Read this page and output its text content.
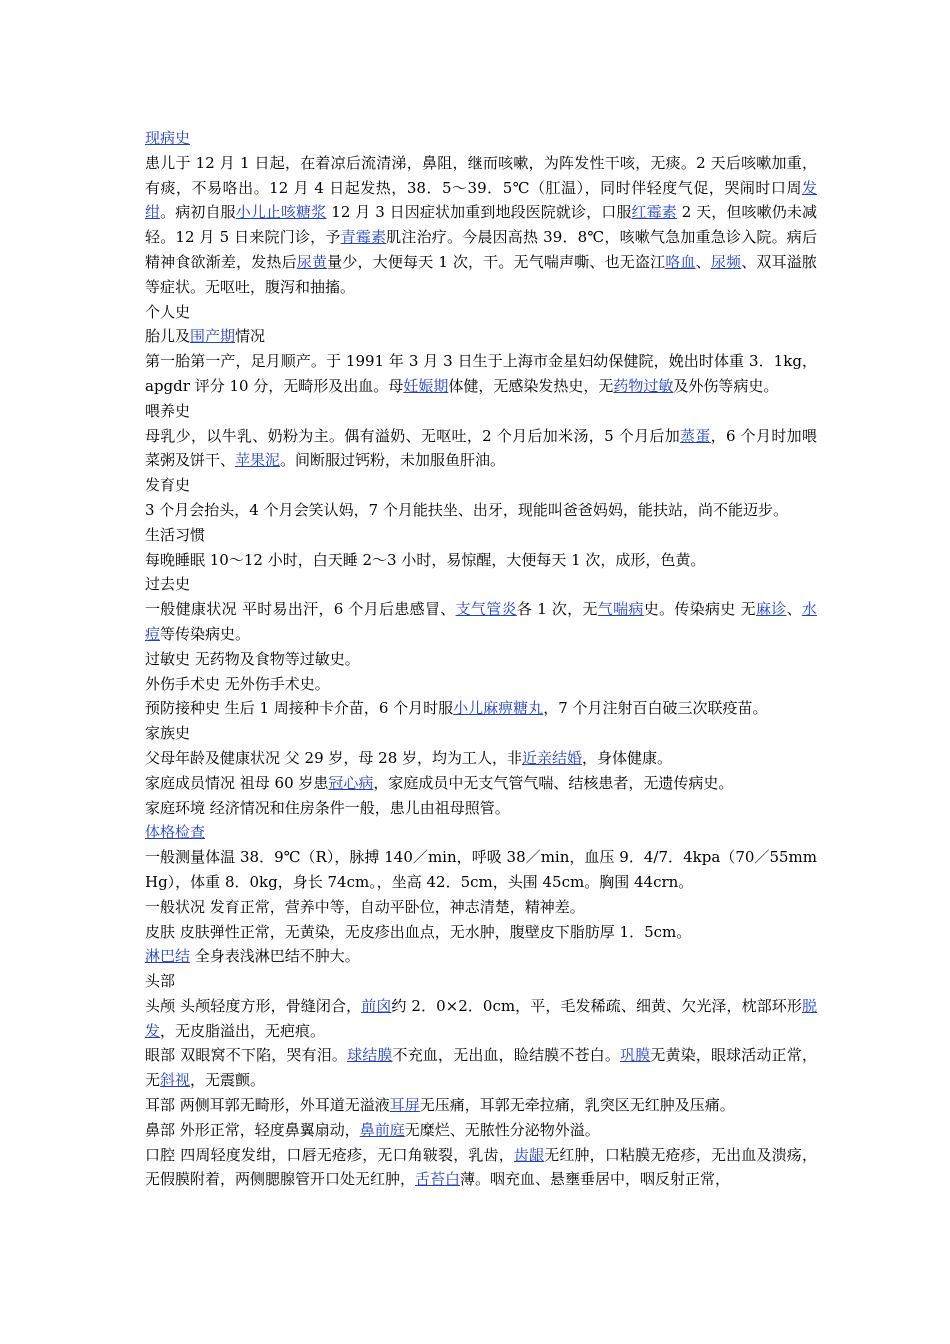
现病史

患儿于 12 月 1 日起，在着凉后流清涕，鼻阻，继而咳嗽，为阵发性干咳，无痰。2 天后咳嗽加重，有痰，不易咯出。12 月 4 日起发热，38．5～39．5℃（肛温），同时伴轻度气促，哭闹时口周发绀。病初自服小儿止咳糖浆 12 月 3 日因症状加重到地段医院就诊，口服红霉素 2 天，但咳嗽仍未减轻。12 月 5 日来院门诊，予青霉素肌注治疗。今晨因高热 39．8℃，咳嗽气急加重急诊入院。病后精神食欲渐差，发热后尿黄量少，大便每天 1 次，干。无气喘声嘶、也无盗江咯血、尿频、双耳溢脓等症状。无呕吐，腹泻和抽搐。

个人史

胎儿及围产期情况

第一胎第一产，足月顺产。于 1991 年 3 月 3 日生于上海市金星妇幼保健院，娩出时体重 3．1kg，apgdr 评分 10 分，无畸形及出血。母妊娠期体健，无感染发热史，无药物过敏及外伤等病史。

喂养史

母乳少，以牛乳、奶粉为主。偶有溢奶、无呕吐，2 个月后加米汤，5 个月后加蒸蛋，6 个月时加喂菜粥及饼干、苹果泥。间断服过钙粉，未加服鱼肝油。

发育史

3 个月会抬头，4 个月会笑认妈，7 个月能扶坐、出牙，现能叫爸爸妈妈，能扶站，尚不能迈步。

生活习惯

每晚睡眠 10～12 小时，白天睡 2～3 小时，易惊醒，大便每天 1 次，成形，色黄。

过去史

一般健康状况 平时易出汗，6 个月后患感冒、支气管炎各 1 次，无气喘病史。传染病史 无麻诊、水痘等传染病史。

过敏史 无药物及食物等过敏史。

外伤手术史 无外伤手术史。

预防接种史 生后 1 周接种卡介苗，6 个月时服小儿麻痹糖丸，7 个月注射百白破三次联疫苗。

家族史

父母年龄及健康状况 父 29 岁，母 28 岁，均为工人，非近亲结婚，身体健康。

家庭成员情况 祖母 60 岁患冠心病，家庭成员中无支气管气喘、结核患者，无遗传病史。

家庭环境 经济情况和住房条件一般，患儿由祖母照管。

体格检查

一般测量体温 38．9℃（R），脉搏 140／min，呼吸 38／min，血压 9．4/7．4kpa（70／55mmHg），体重 8．0kg，身长 74cm。，坐高 42．5cm，头围 45cm。胸围 44crn。

一般状况 发育正常，营养中等，自动平卧位，神志清楚，精神差。

皮肤 皮肤弹性正常，无黄染，无皮疹出血点，无水肿，腹壁皮下脂肪厚 1．5cm。

淋巴结 全身表浅淋巴结不肿大。

头部

头颅 头颅轻度方形，骨缝闭合，前囟约 2．0×2．0cm，平，毛发稀疏、细黄、欠光泽，枕部环形脱发，无皮脂溢出，无疤痕。

眼部 双眼窝不下陷，哭有泪。球结膜不充血，无出血，睑结膜不苍白。巩膜无黄染，眼球活动正常，无斜视，无震颤。

耳部 两侧耳郭无畸形，外耳道无溢液耳屏无压痛，耳郭无牵拉痛，乳突区无红肿及压痛。

鼻部 外形正常，轻度鼻翼扇动，鼻前庭无糜烂、无脓性分泌物外溢。

口腔 四周轻度发绀，口唇无疮疹，无口角皲裂，乳齿，齿龈无红肿，口粘膜无疮疹，无出血及溃疡，无假膜附着，两侧腮腺管开口处无红肿，舌苔白薄。咽充血、悬壅垂居中，咽反射正常，
